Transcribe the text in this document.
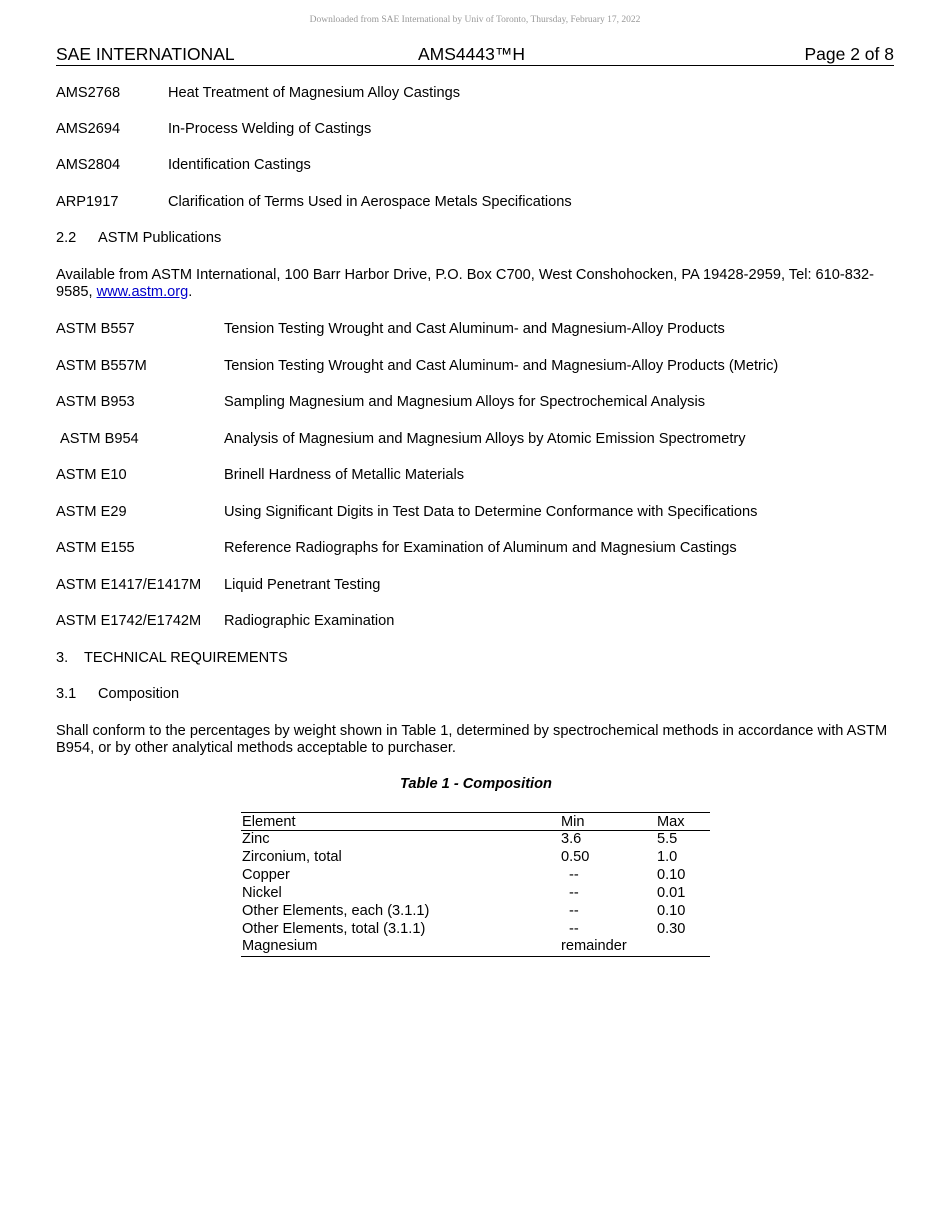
Downloaded from SAE International by Univ of Toronto, Thursday, February 17, 2022
SAE INTERNATIONAL	AMS4443™H	Page 2 of 8
AMS2768	Heat Treatment of Magnesium Alloy Castings
AMS2694	In-Process Welding of Castings
AMS2804	Identification Castings
ARP1917	Clarification of Terms Used in Aerospace Metals Specifications
2.2 ASTM Publications
Available from ASTM International, 100 Barr Harbor Drive, P.O. Box C700, West Conshohocken, PA 19428-2959, Tel: 610-832-9585, www.astm.org.
ASTM B557	Tension Testing Wrought and Cast Aluminum- and Magnesium-Alloy Products
ASTM B557M	Tension Testing Wrought and Cast Aluminum- and Magnesium-Alloy Products (Metric)
ASTM B953	Sampling Magnesium and Magnesium Alloys for Spectrochemical Analysis
ASTM B954	Analysis of Magnesium and Magnesium Alloys by Atomic Emission Spectrometry
ASTM E10	Brinell Hardness of Metallic Materials
ASTM E29	Using Significant Digits in Test Data to Determine Conformance with Specifications
ASTM E155	Reference Radiographs for Examination of Aluminum and Magnesium Castings
ASTM E1417/E1417M Liquid Penetrant Testing
ASTM E1742/E1742M Radiographic Examination
3. TECHNICAL REQUIREMENTS
3.1 Composition
Shall conform to the percentages by weight shown in Table 1, determined by spectrochemical methods in accordance with ASTM B954, or by other analytical methods acceptable to purchaser.
Table 1 - Composition
Element	Min	Max
Zinc	3.6	5.5
Zirconium, total	0.50	1.0
Copper	--	0.10
Nickel	--	0.01
Other Elements, each (3.1.1)	--	0.10
Other Elements, total (3.1.1)	--	0.30
Magnesium	remainder	
